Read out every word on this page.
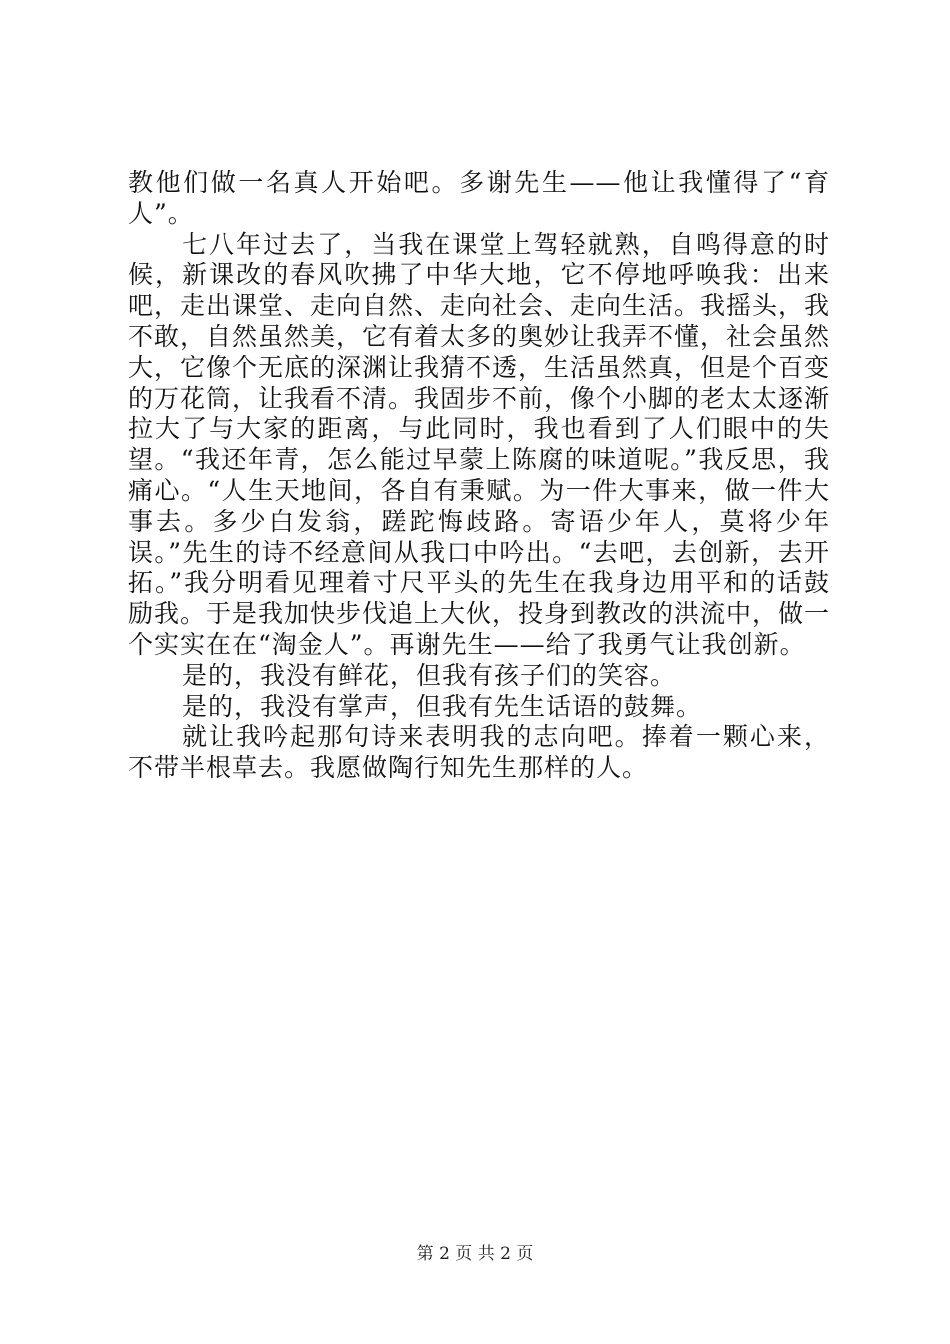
教他们做一名真人开始吧。多谢先生——他让我懂得了“育人”。

七八年过去了，当我在课堂上驾轻就熟，自鸣得意的时候，新课改的春风吹拂了中华大地，它不停地呼唤我：出来吧，走出课堂、走向自然、走向社会、走向生活。我摇头，我不敢，自然虽然美，它有着太多的奥妙让我弄不懂，社会虽然大，它像个无底的深渊让我猜不透，生活虽然真，但是个百变的万花筒，让我看不清。我固步不前，像个小脚的老太太逐渐拉大了与大家的距离，与此同时，我也看到了人们眼中的失望。“我还年青，怎么能过早蒙上陈腐的味道呢。”我反思，我痛心。“人生天地间，各自有秉赋。为一件大事来，做一件大事去。多少白发翁，蹉跎悔歧路。寄语少年人，莫将少年误。”先生的诗不经意间从我口中吟出。“去吧，去创新，去开拓。”我分明看见理着寸尺平头的先生在我身边用平和的话鼓励我。于是我加快步伐追上大伙，投身到教改的洪流中，做一个实实在在“淘金人”。再谢先生——给了我勇气让我创新。

是的，我没有鲜花，但我有孩子们的笑容。

是的，我没有掌声，但我有先生话语的鼓舞。

就让我吟起那句诗来表明我的志向吧。捧着一颗心来，不带半根草去。我愿做陶行知先生那样的人。

第 2 页 共 2 页
